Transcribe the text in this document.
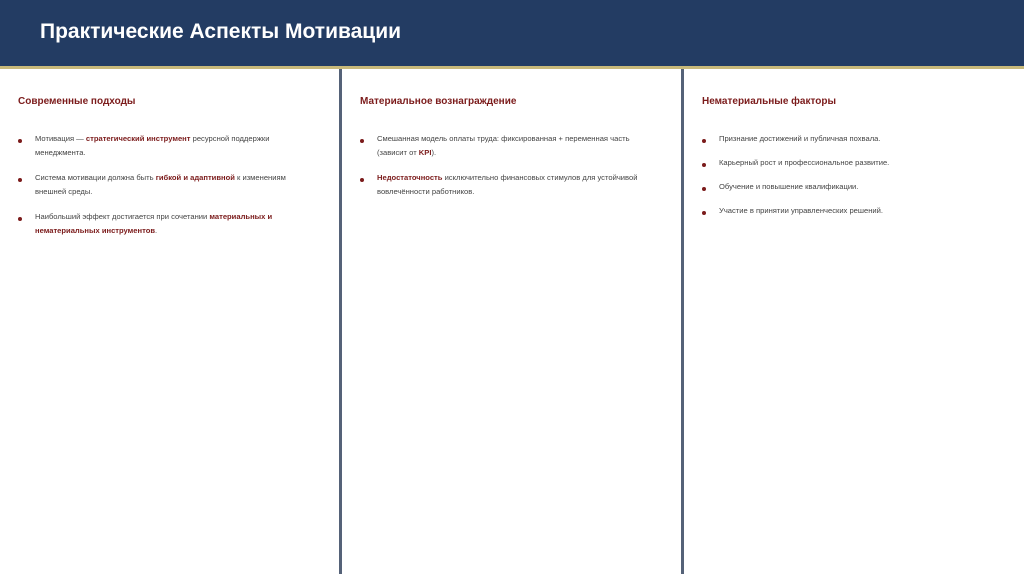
Практические Аспекты Мотивации
Современные подходы
Мотивация — стратегический инструмент ресурсной поддержки менеджмента.
Система мотивации должна быть гибкой и адаптивной к изменениям внешней среды.
Наибольший эффект достигается при сочетании материальных и нематериальных инструментов.
Материальное вознаграждение
Смешанная модель оплаты труда: фиксированная + переменная часть (зависит от KPI).
Недостаточность исключительно финансовых стимулов для устойчивой вовлечённости работников.
Нематериальные факторы
Признание достижений и публичная похвала.
Карьерный рост и профессиональное развитие.
Обучение и повышение квалификации.
Участие в принятии управленческих решений.
